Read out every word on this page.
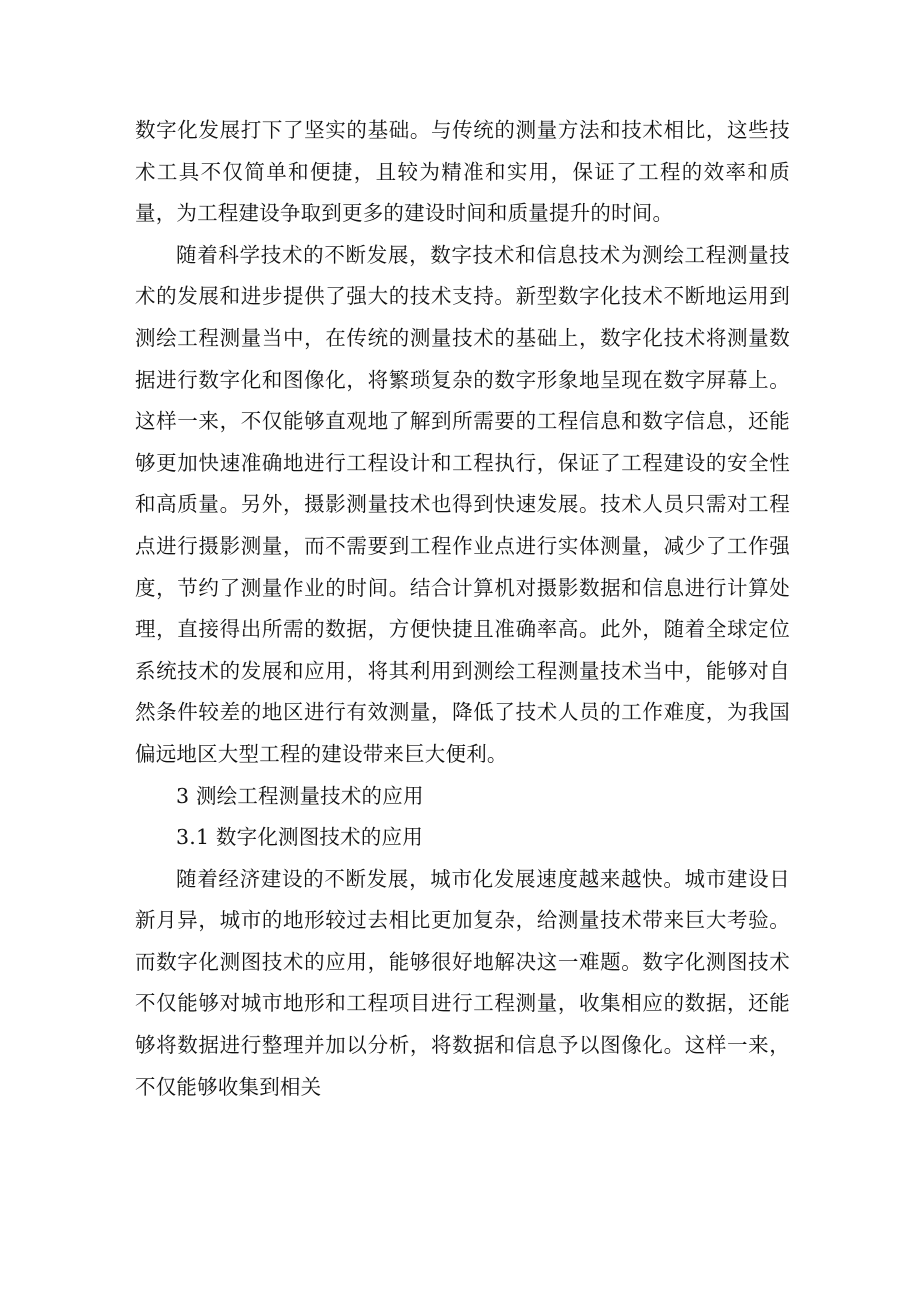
数字化发展打下了坚实的基础。与传统的测量方法和技术相比，这些技术工具不仅简单和便捷，且较为精准和实用，保证了工程的效率和质量，为工程建设争取到更多的建设时间和质量提升的时间。

随着科学技术的不断发展，数字技术和信息技术为测绘工程测量技术的发展和进步提供了强大的技术支持。新型数字化技术不断地运用到测绘工程测量当中，在传统的测量技术的基础上，数字化技术将测量数据进行数字化和图像化，将繁琐复杂的数字形象地呈现在数字屏幕上。这样一来，不仅能够直观地了解到所需要的工程信息和数字信息，还能够更加快速准确地进行工程设计和工程执行，保证了工程建设的安全性和高质量。另外，摄影测量技术也得到快速发展。技术人员只需对工程点进行摄影测量，而不需要到工程作业点进行实体测量，减少了工作强度，节约了测量作业的时间。结合计算机对摄影数据和信息进行计算处理，直接得出所需的数据，方便快捷且准确率高。此外，随着全球定位系统技术的发展和应用，将其利用到测绘工程测量技术当中，能够对自然条件较差的地区进行有效测量，降低了技术人员的工作难度，为我国偏远地区大型工程的建设带来巨大便利。

3 测绘工程测量技术的应用

3.1 数字化测图技术的应用

随着经济建设的不断发展，城市化发展速度越来越快。城市建设日新月异，城市的地形较过去相比更加复杂，给测量技术带来巨大考验。而数字化测图技术的应用，能够很好地解决这一难题。数字化测图技术不仅能够对城市地形和工程项目进行工程测量，收集相应的数据，还能够将数据进行整理并加以分析，将数据和信息予以图像化。这样一来，不仅能够收集到相关
